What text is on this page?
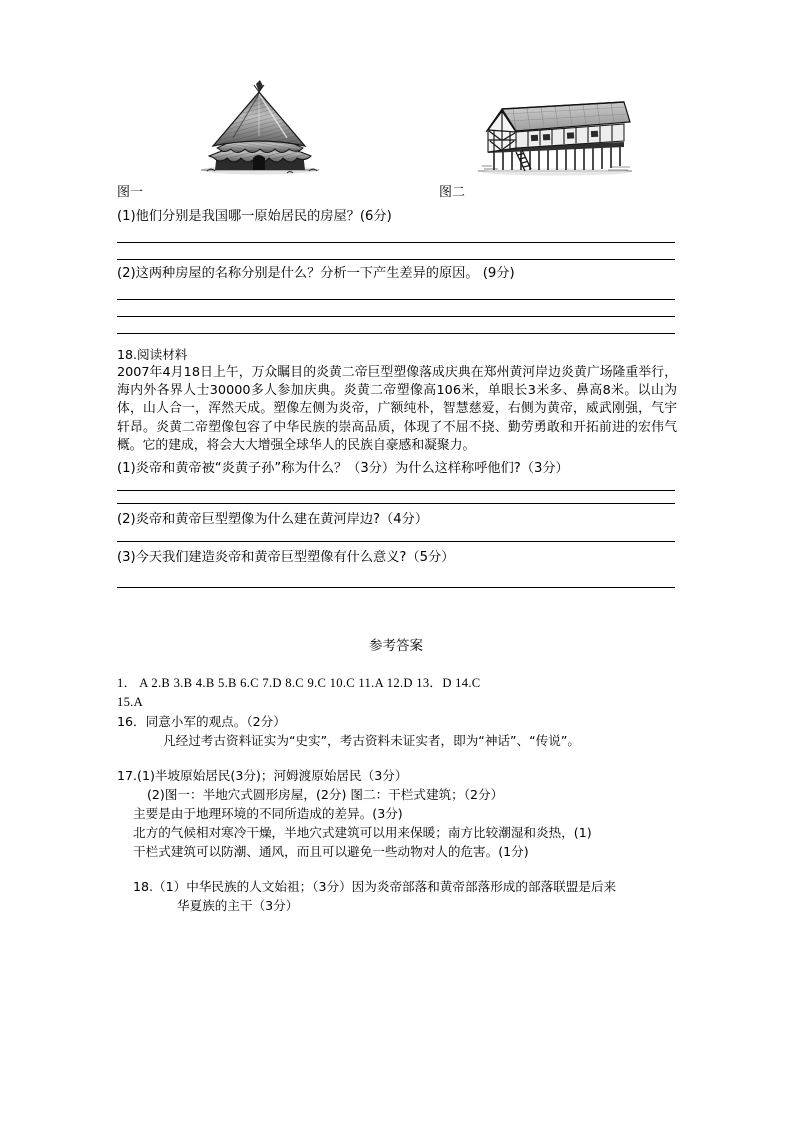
图一	图二
(1)他们分别是我国哪一原始居民的房屋？(6分)
(2)这两种房屋的名称分别是什么？分析一下产生差异的原因。 (9分)
18.阅读材料
2007年4月18日上午，万众瞩目的炎黄二帝巨型塑像落成庆典在郑州黄河岸边炎黄广场隆重举行，海内外各界人士30000多人参加庆典。炎黄二帝塑像高106米，单眼长3米多、鼻高8米。以山为体，山人合一，浑然天成。塑像左侧为炎帝，广额纯朴，智慧慈爱，右侧为黄帝，威武刚强，气宇轩昂。炎黄二帝塑像包容了中华民族的崇高品质，体现了不屈不挠、勤劳勇敢和开拓前进的宏伟气概。它的建成，将会大大增强全球华人的民族自豪感和凝聚力。
(1)炎帝和黄帝被“炎黄子孙”称为什么？（3分）为什么这样称呼他们?（3分）
(2)炎帝和黄帝巨型塑像为什么建在黄河岸边?（4分）
(3)今天我们建造炎帝和黄帝巨型塑像有什么意义?（5分）
参考答案
1． A 2.B 3.B 4.B 5.B 6.C 7.D 8.C 9.C 10.C 11.A 12.D 13．D 14.C
15.A
16．同意小军的观点。（2分）
凡经过考古资料证实为“史实”，考古资料未证实者，即为“神话”、“传说”。
17.(1)半坡原始居民(3分)；河姆渡原始居民（3分）
(2)图一：半地穴式圆形房屋，(2分) 图二：干栏式建筑；（2分）
主要是由于地理环境的不同所造成的差异。(3分)
北方的气候相对寒冷干燥，半地穴式建筑可以用来保暖；南方比较潮湿和炎热，(1)
干栏式建筑可以防潮、通风，而且可以避免一些动物对人的危害。(1分)
18.（1）中华民族的人文始祖；（3分）因为炎帝部落和黄帝部落形成的部落联盟是后来
华夏族的主干（3分）
